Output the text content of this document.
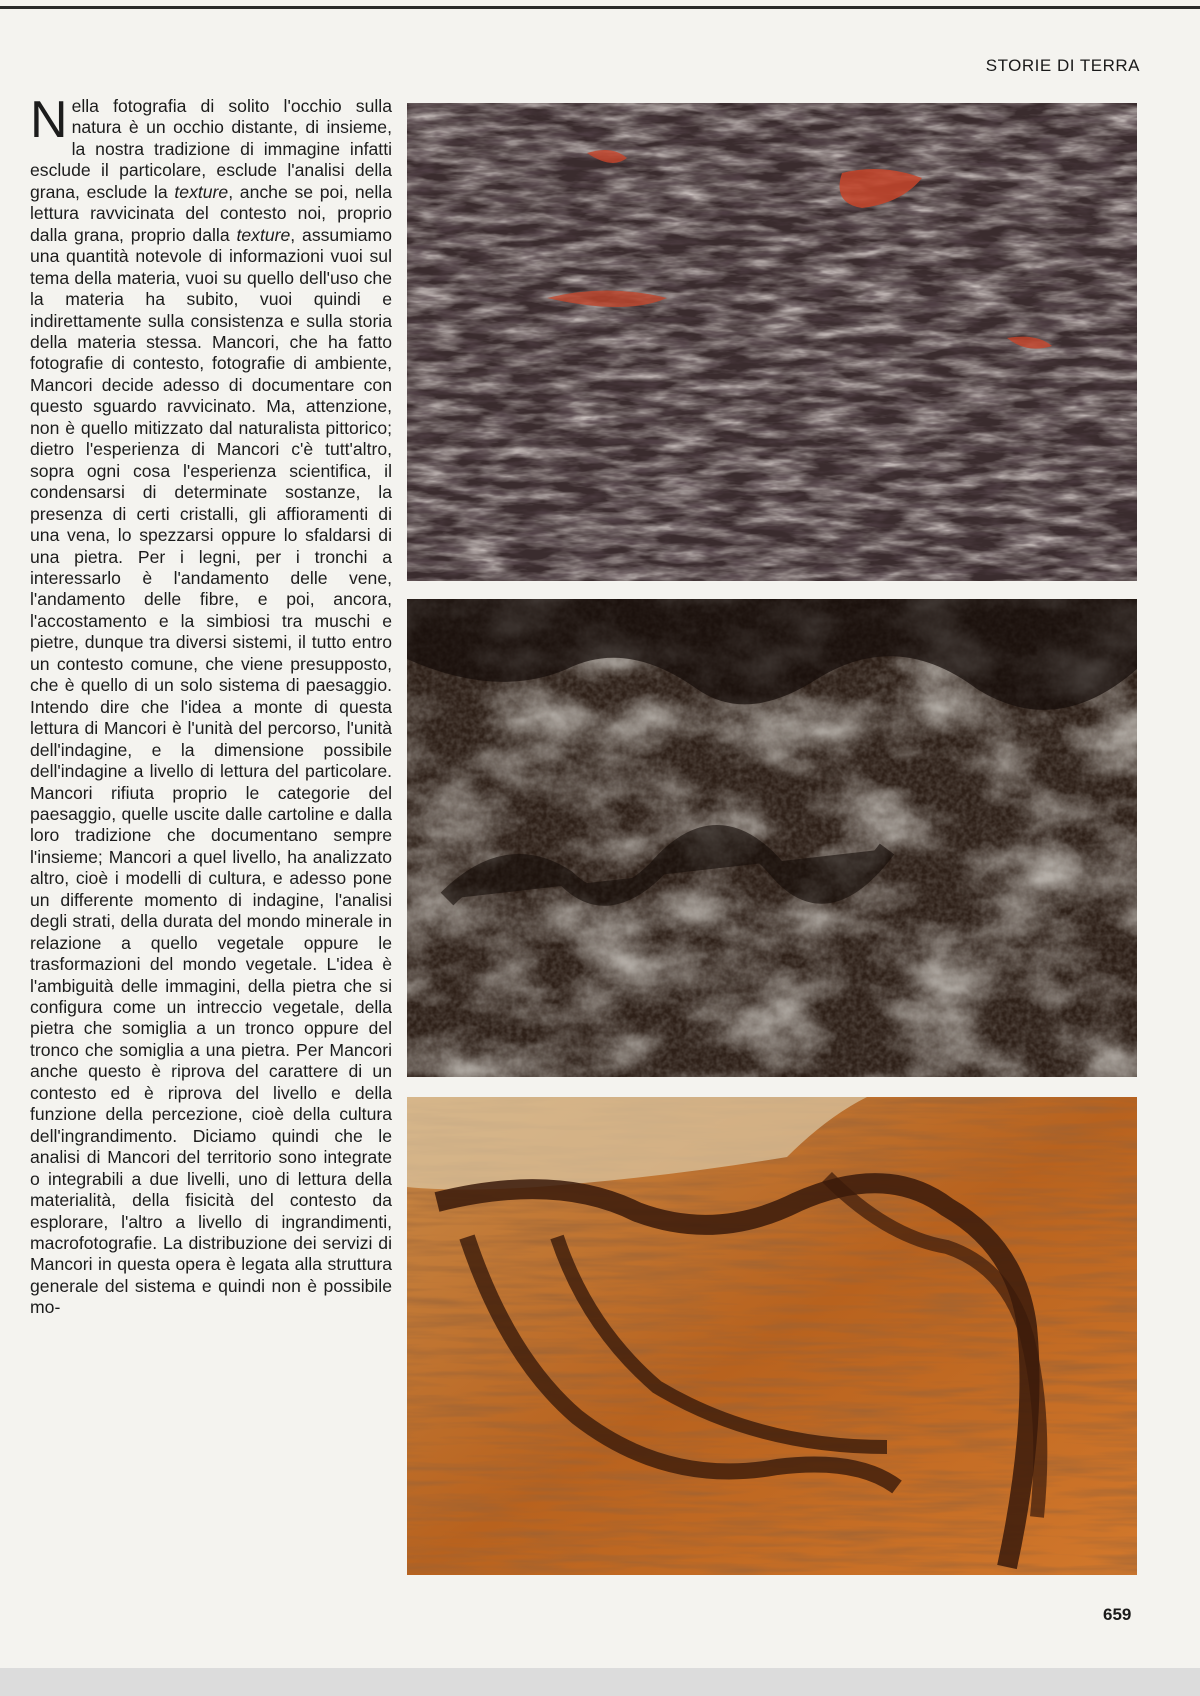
STORIE DI TERRA

Nella fotografia di solito l'occhio sulla natura è un occhio distante, di insieme, la nostra tradizione di immagine infatti esclude il particolare, esclude l'analisi della grana, esclude la texture, anche se poi, nella lettura ravvicinata del contesto noi, proprio dalla grana, proprio dalla texture, assumiamo una quantità notevole di informazioni vuoi sul tema della materia, vuoi su quello dell'uso che la materia ha subito, vuoi quindi e indirettamente sulla consistenza e sulla storia della materia stessa. Mancori, che ha fatto fotografie di contesto, fotografie di ambiente, Mancori decide adesso di documentare con questo sguardo ravvicinato. Ma, attenzione, non è quello mitizzato dal naturalista pittorico; dietro l'esperienza di Mancori c'è tutt'altro, sopra ogni cosa l'esperienza scientifica, il condensarsi di determinate sostanze, la presenza di certi cristalli, gli affioramenti di una vena, lo spezzarsi oppure lo sfaldarsi di una pietra. Per i legni, per i tronchi a interessarlo è l'andamento delle vene, l'andamento delle fibre, e poi, ancora, l'accostamento e la simbiosi tra muschi e pietre, dunque tra diversi sistemi, il tutto entro un contesto comune, che viene presupposto, che è quello di un solo sistema di paesaggio. Intendo dire che l'idea a monte di questa lettura di Mancori è l'unità del percorso, l'unità dell'indagine, e la dimensione possibile dell'indagine a livello di lettura del particolare. Mancori rifiuta proprio le categorie del paesaggio, quelle uscite dalle cartoline e dalla loro tradizione che documentano sempre l'insieme; Mancori a quel livello, ha analizzato altro, cioè i modelli di cultura, e adesso pone un differente momento di indagine, l'analisi degli strati, della durata del mondo minerale in relazione a quello vegetale oppure le trasformazioni del mondo vegetale. L'idea è l'ambiguità delle immagini, della pietra che si configura come un intreccio vegetale, della pietra che somiglia a un tronco oppure del tronco che somiglia a una pietra. Per Mancori anche questo è riprova del carattere di un contesto ed è riprova del livello e della funzione della percezione, cioè della cultura dell'ingrandimento. Diciamo quindi che le analisi di Mancori del territorio sono integrate o integrabili a due livelli, uno di lettura della materialità, della fisicità del contesto da esplorare, l'altro a livello di ingrandimenti, macrofotografie. La distribuzione dei servizi di Mancori in questa opera è legata alla struttura generale del sistema e quindi non è possibile mo-

659
